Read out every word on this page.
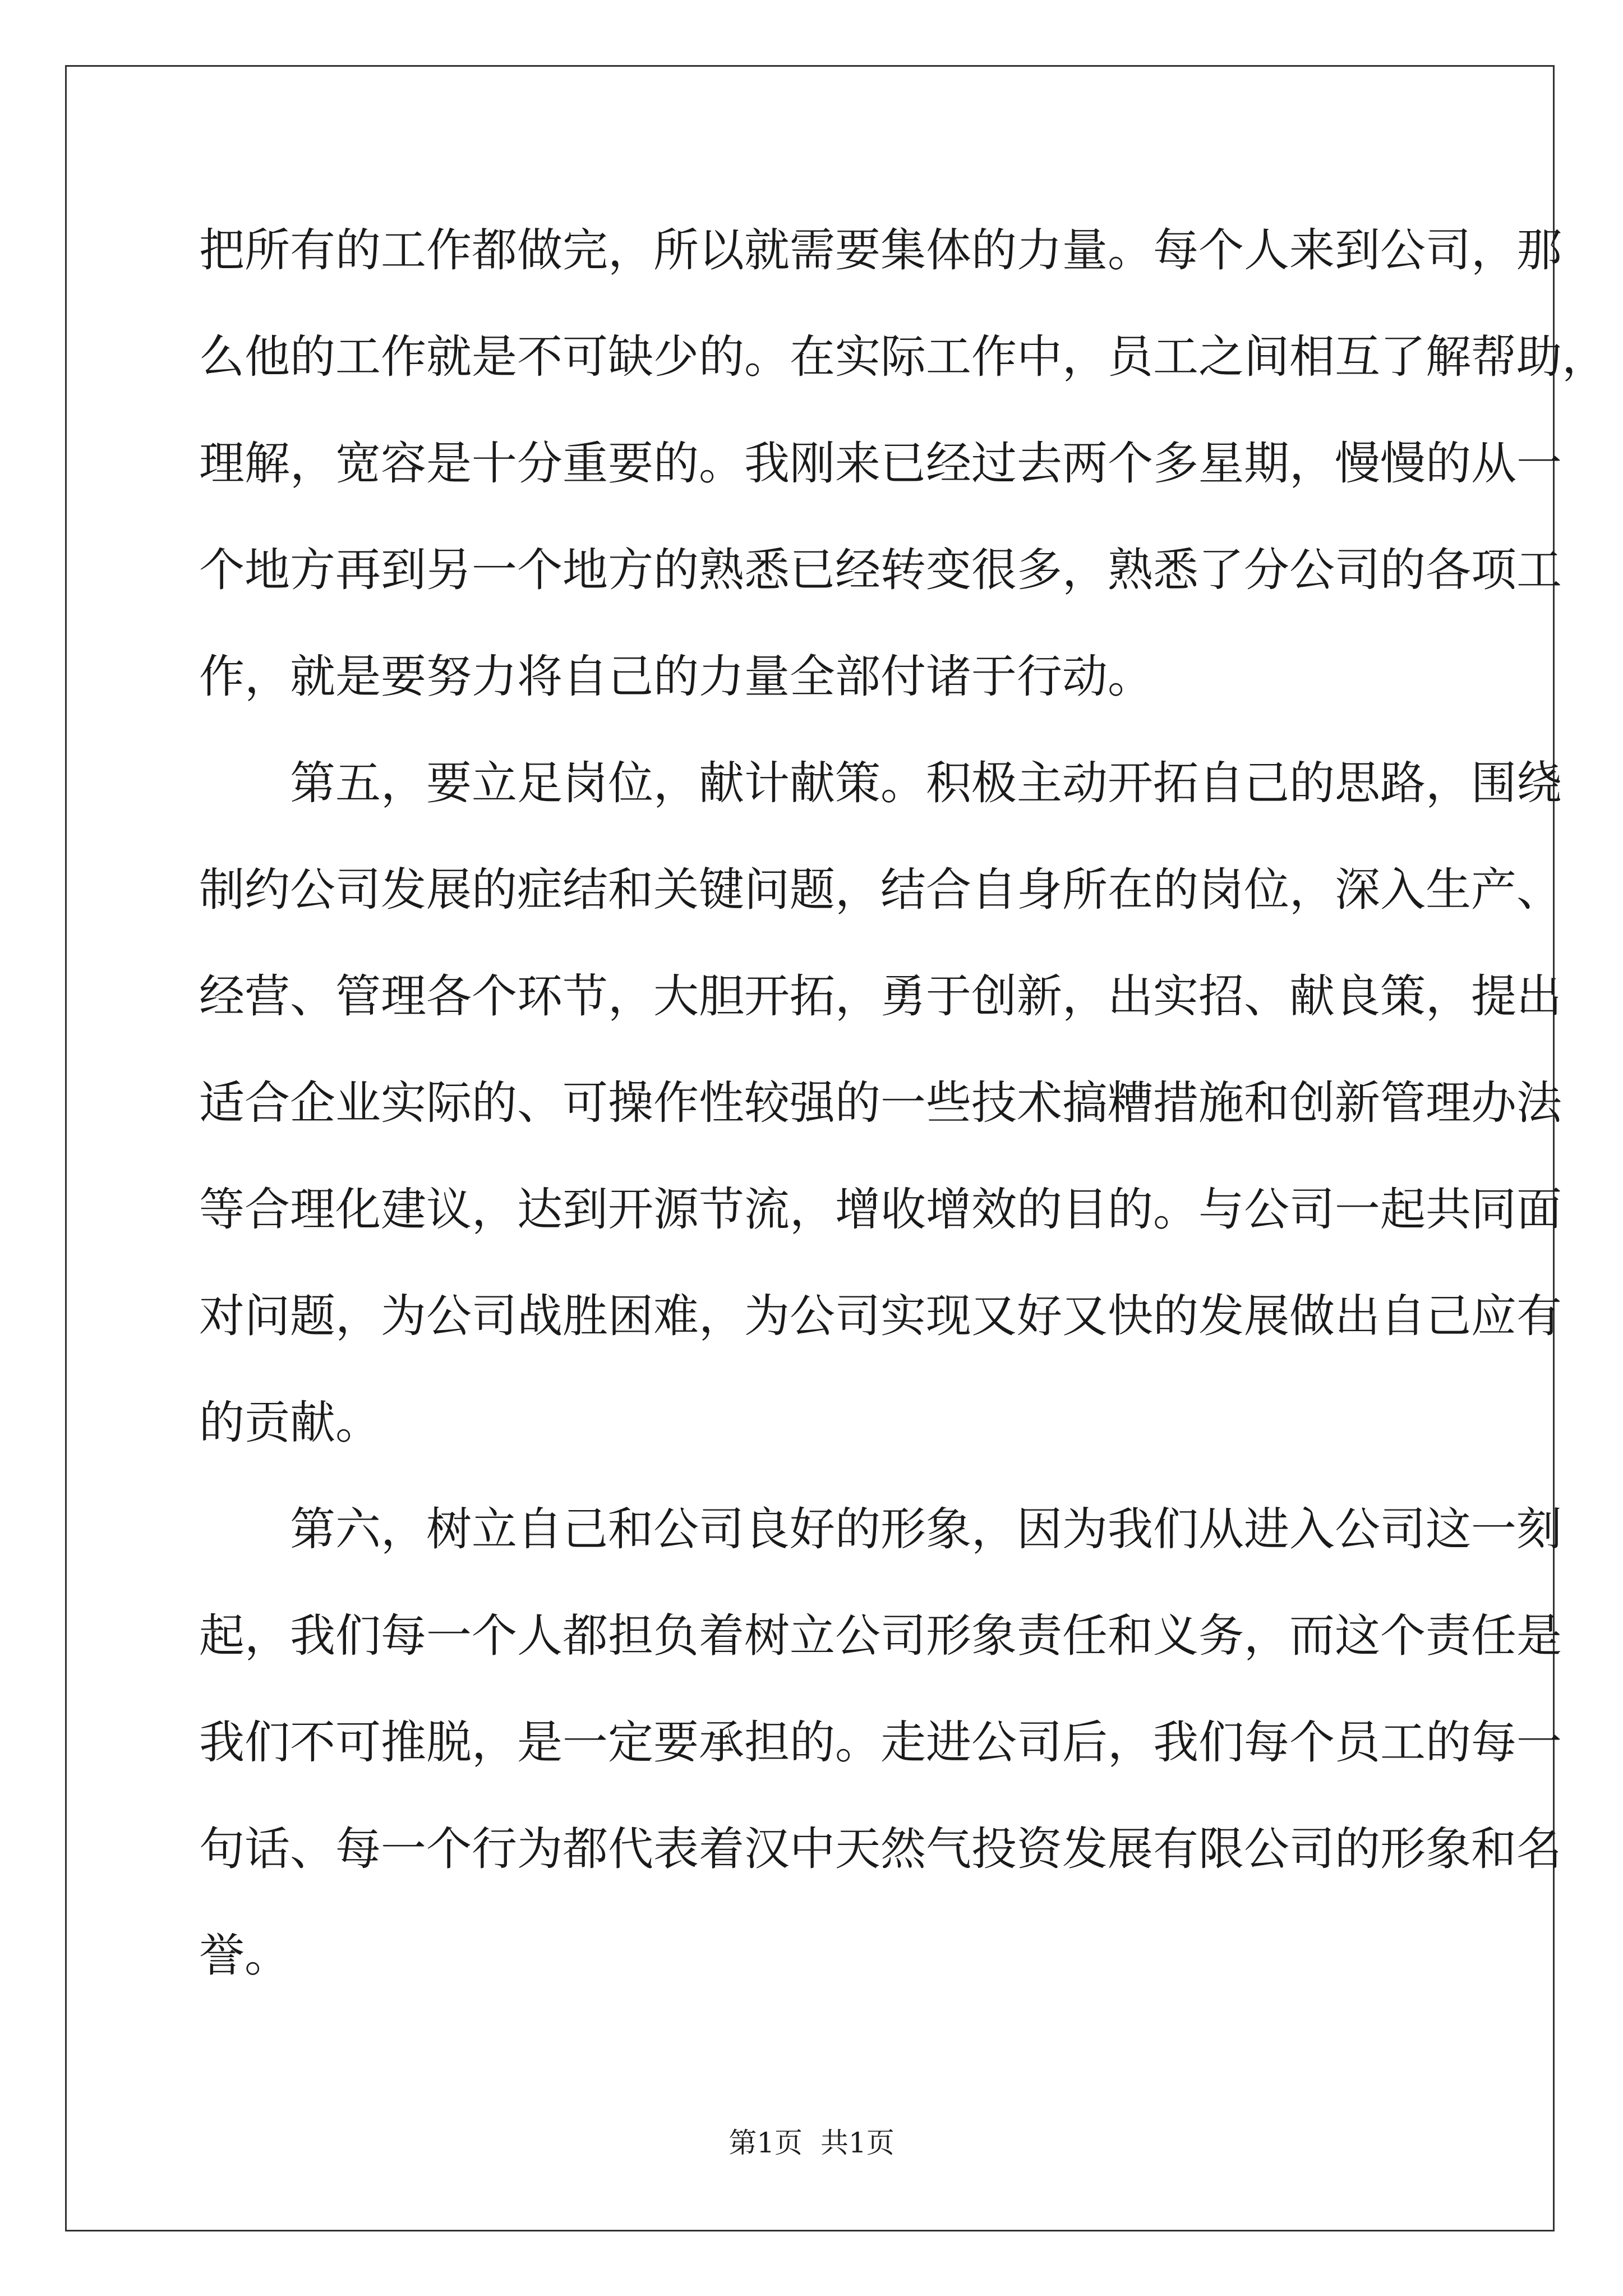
把所有的工作都做完，所以就需要集体的力量。每个人来到公司，那
么他的工作就是不可缺少的。在实际工作中，员工之间相互了解帮助，
理解，宽容是十分重要的。我刚来已经过去两个多星期，慢慢的从一
个地方再到另一个地方的熟悉已经转变很多，熟悉了分公司的各项工
作，就是要努力将自己的力量全部付诸于行动。
第五，要立足岗位，献计献策。积极主动开拓自己的思路，围绕
制约公司发展的症结和关键问题，结合自身所在的岗位，深入生产、
经营、管理各个环节，大胆开拓，勇于创新，出实招、献良策，提出
适合企业实际的、可操作性较强的一些技术搞糟措施和创新管理办法
等合理化建议，达到开源节流，增收增效的目的。与公司一起共同面
对问题，为公司战胜困难，为公司实现又好又快的发展做出自己应有
的贡献。
第六，树立自己和公司良好的形象，因为我们从进入公司这一刻
起，我们每一个人都担负着树立公司形象责任和义务，而这个责任是
我们不可推脱，是一定要承担的。走进公司后，我们每个员工的每一
句话、每一个行为都代表着汉中天然气投资发展有限公司的形象和名
誉。
第1页 共1页
